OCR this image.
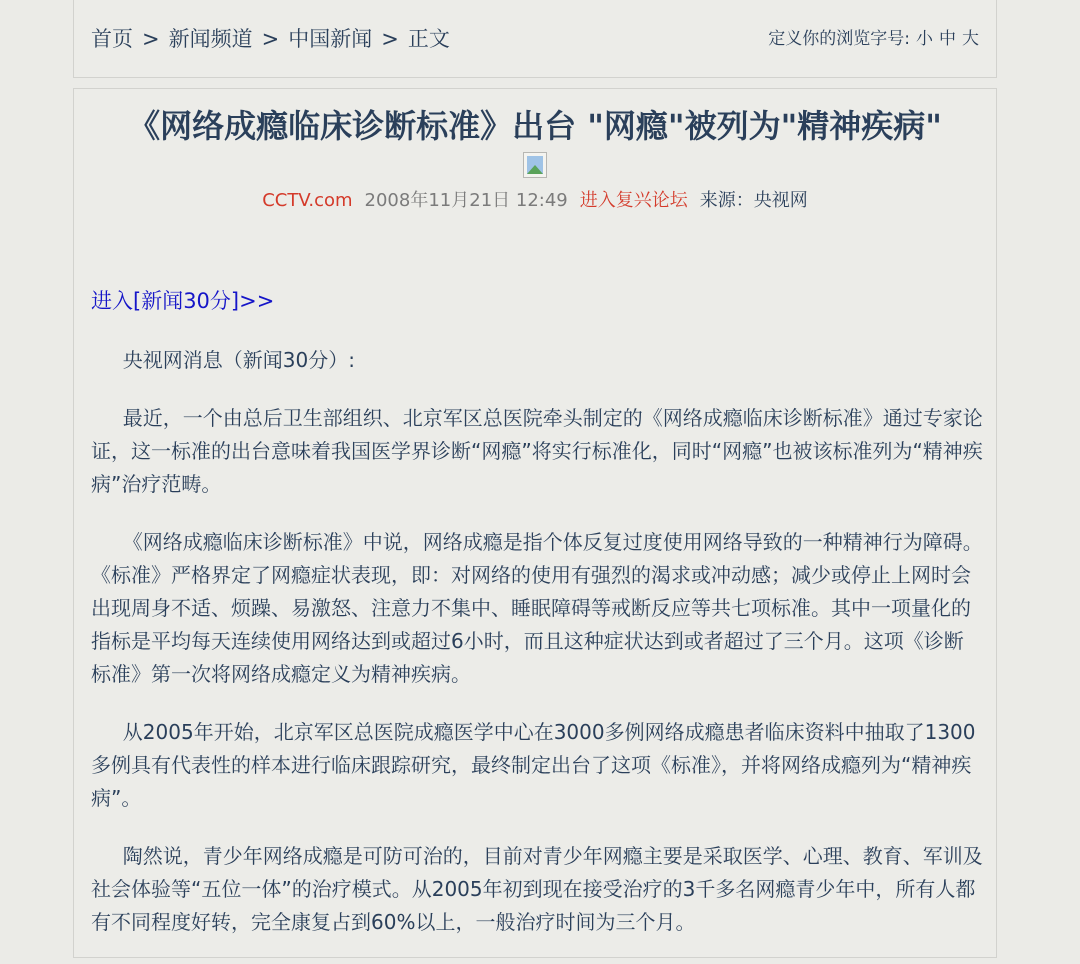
首页 > 新闻频道 > 中国新闻 > 正文	定义你的浏览字号: 小 中 大
《网络成瘾临床诊断标准》出台 "网瘾"被列为"精神疾病"
CCTV.com 2008年11月21日 12:49 进入复兴论坛 来源：央视网
进入[新闻30分]>>

央视网消息（新闻30分）:

最近，一个由总后卫生部组织、北京军区总医院牵头制定的《网络成瘾临床诊断标准》通过专家论证，这一标准的出台意味着我国医学界诊断“网瘾”将实行标准化，同时“网瘾”也被该标准列为“精神疾病”治疗范畴。

《网络成瘾临床诊断标准》中说，网络成瘾是指个体反复过度使用网络导致的一种精神行为障碍。《标准》严格界定了网瘾症状表现，即：对网络的使用有强烈的渴求或冲动感；减少或停止上网时会出现周身不适、烦躁、易激怒、注意力不集中、睡眠障碍等戒断反应等共七项标准。其中一项量化的指标是平均每天连续使用网络达到或超过6小时，而且这种症状达到或者超过了三个月。这项《诊断标准》第一次将网络成瘾定义为精神疾病。

从2005年开始，北京军区总医院成瘾医学中心在3000多例网络成瘾患者临床资料中抽取了1300多例具有代表性的样本进行临床跟踪研究，最终制定出台了这项《标准》，并将网络成瘾列为“精神疾病”。

陶然说，青少年网络成瘾是可防可治的，目前对青少年网瘾主要是采取医学、心理、教育、军训及社会体验等“五位一体”的治疗模式。从2005年初到现在接受治疗的3千多名网瘾青少年中，所有人都有不同程度好转，完全康复占到60%以上，一般治疗时间为三个月。
